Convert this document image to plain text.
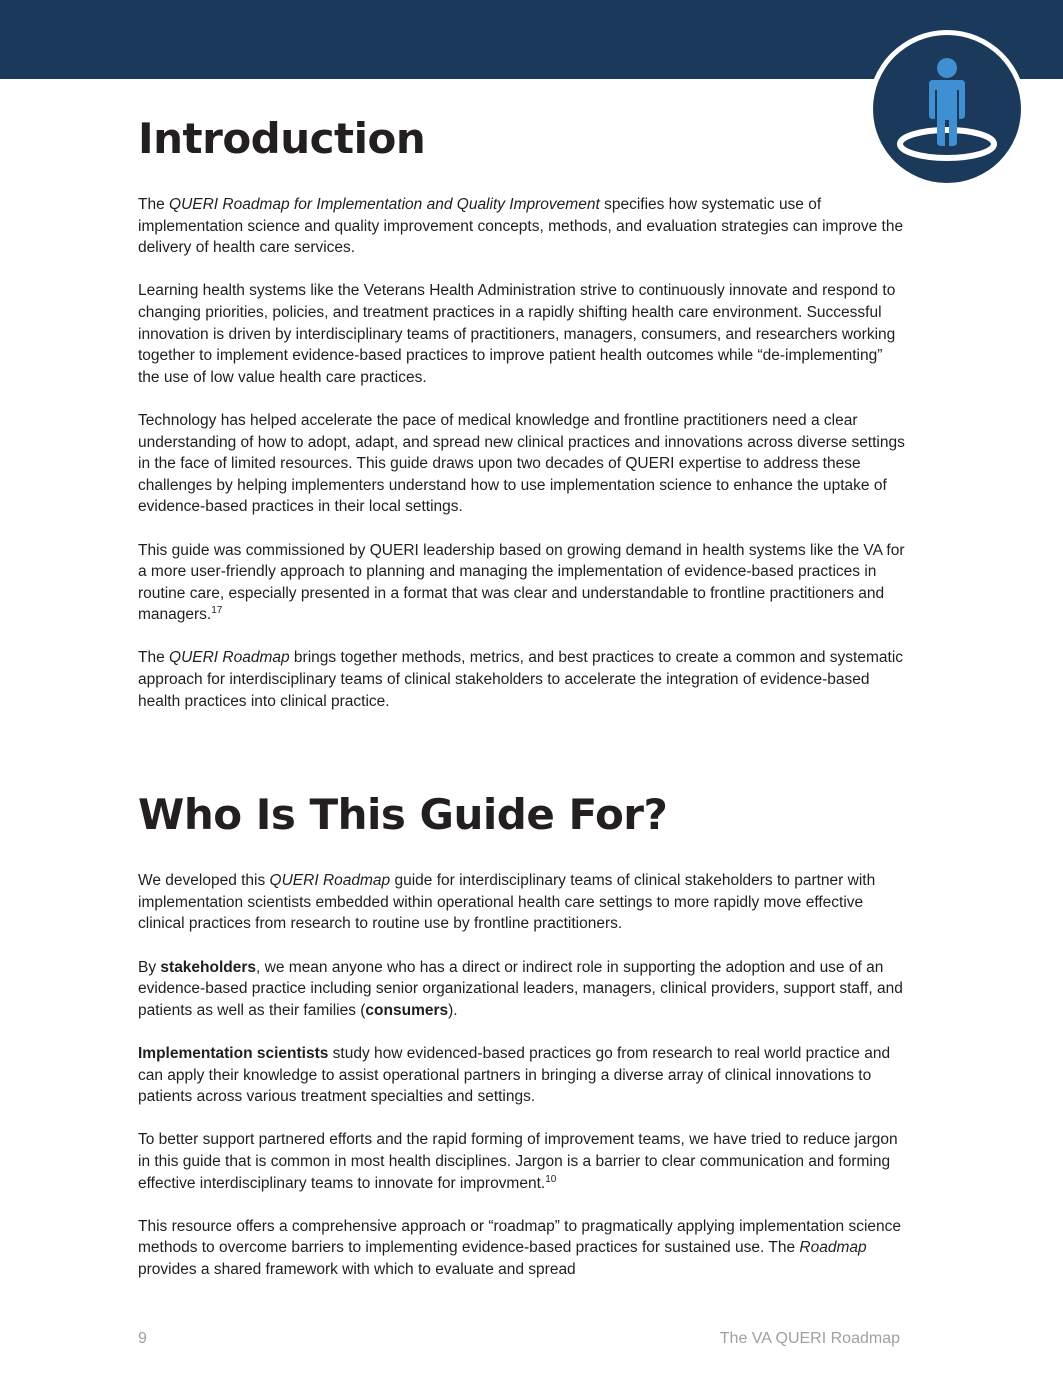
Introduction

The QUERI Roadmap for Implementation and Quality Improvement specifies how systematic use of implementation science and quality improvement concepts, methods, and evaluation strategies can improve the delivery of health care services.

Learning health systems like the Veterans Health Administration strive to continuously innovate and respond to changing priorities, policies, and treatment practices in a rapidly shifting health care environment. Successful innovation is driven by interdisciplinary teams of practitioners, managers, consumers, and researchers working together to implement evidence-based practices to improve patient health outcomes while “de-implementing” the use of low value health care practices.

Technology has helped accelerate the pace of medical knowledge and frontline practitioners need a clear understanding of how to adopt, adapt, and spread new clinical practices and innovations across diverse settings in the face of limited resources. This guide draws upon two decades of QUERI expertise to address these challenges by helping implementers understand how to use implementation science to enhance the uptake of evidence-based practices in their local settings.

This guide was commissioned by QUERI leadership based on growing demand in health systems like the VA for a more user-friendly approach to planning and managing the implementation of evidence-based practices in routine care, especially presented in a format that was clear and understandable to frontline practitioners and managers.$^{17}$

The QUERI Roadmap brings together methods, metrics, and best practices to create a common and systematic approach for interdisciplinary teams of clinical stakeholders to accelerate the integration of evidence-based health practices into clinical practice.

Who Is This Guide For?

We developed this QUERI Roadmap guide for interdisciplinary teams of clinical stakeholders to partner with implementation scientists embedded within operational health care settings to more rapidly move effective clinical practices from research to routine use by frontline practitioners.

By stakeholders, we mean anyone who has a direct or indirect role in supporting the adoption and use of an evidence-based practice including senior organizational leaders, managers, clinical providers, support staff, and patients as well as their families (consumers).

Implementation scientists study how evidenced-based practices go from research to real world practice and can apply their knowledge to assist operational partners in bringing a diverse array of clinical innovations to patients across various treatment specialties and settings.

To better support partnered efforts and the rapid forming of improvement teams, we have tried to reduce jargon in this guide that is common in most health disciplines. Jargon is a barrier to clear communication and forming effective interdisciplinary teams to innovate for improvment.$^{10}$

This resource offers a comprehensive approach or “roadmap” to pragmatically applying implementation science methods to overcome barriers to implementing evidence-based practices for sustained use. The Roadmap provides a shared framework with which to evaluate and spread

9	The VA QUERI Roadmap
